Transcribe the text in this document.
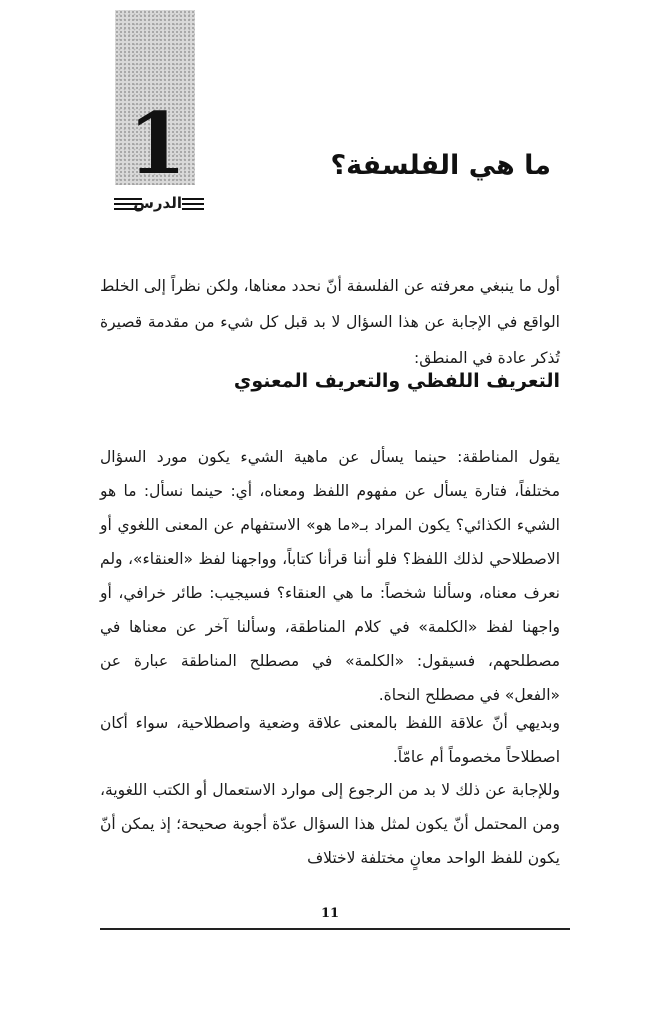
1
الدرس
ما هي الفلسفة؟

أول ما ينبغي معرفته عن الفلسفة أنّ نحدد معناها، ولكن نظراً إلى الخلط الواقع في الإجابة عن هذا السؤال لا بد قبل كل شيء من مقدمة قصيرة تُذكر عادة في المنطق:

التعريف اللفظي والتعريف المعنوي

يقول المناطقة: حينما يسأل عن ماهية الشيء يكون مورد السؤال مختلفاً، فتارة يسأل عن مفهوم اللفظ ومعناه، أي: حينما نسأل: ما هو الشيء الكذائي؟ يكون المراد بـ«ما هو» الاستفهام عن المعنى اللغوي أو الاصطلاحي لذلك اللفظ؟ فلو أننا قرأنا كتاباً، وواجهنا لفظ «العنقاء»، ولم نعرف معناه، وسألنا شخصاً: ما هي العنقاء؟ فسيجيب: طائر خرافي، أو واجهنا لفظ «الكلمة» في كلام المناطقة، وسألنا آخر عن معناها في مصطلحهم، فسيقول: «الكلمة» في مصطلح المناطقة عبارة عن «الفعل» في مصطلح النحاة.

وبديهي أنّ علاقة اللفظ بالمعنى علاقة وضعية واصطلاحية، سواء أكان اصطلاحاً مخصوماً أم عامّاً.

وللإجابة عن ذلك لا بد من الرجوع إلى موارد الاستعمال أو الكتب اللغوية، ومن المحتمل أنّ يكون لمثل هذا السؤال عدّة أجوبة صحيحة؛ إذ يمكن أنّ يكون للفظ الواحد معانٍ مختلفة لاختلاف

11
